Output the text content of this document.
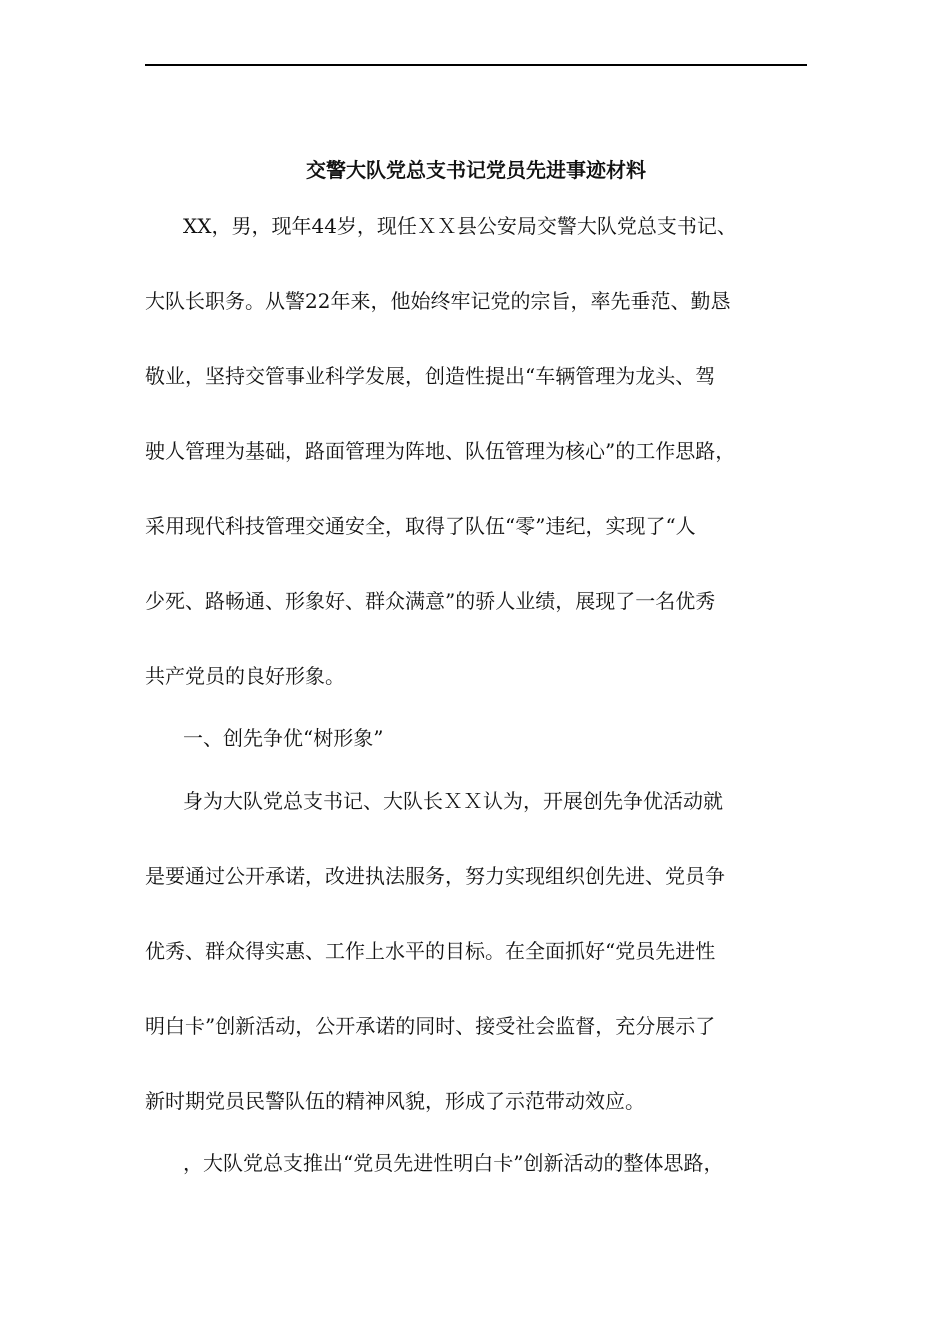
交警大队党总支书记党员先进事迹材料
XX，男，现年44岁，现任ＸＸ县公安局交警大队党总支书记、
大队长职务。从警22年来，他始终牢记党的宗旨，率先垂范、勤恳
敬业，坚持交管事业科学发展，创造性提出“车辆管理为龙头、驾
驶人管理为基础，路面管理为阵地、队伍管理为核心”的工作思路，
采用现代科技管理交通安全，取得了队伍“零”违纪，实现了“人
少死、路畅通、形象好、群众满意”的骄人业绩，展现了一名优秀
共产党员的良好形象。
一、创先争优“树形象”
身为大队党总支书记、大队长ＸＸ认为，开展创先争优活动就
是要通过公开承诺，改进执法服务，努力实现组织创先进、党员争
优秀、群众得实惠、工作上水平的目标。在全面抓好“党员先进性
明白卡”创新活动，公开承诺的同时、接受社会监督，充分展示了
新时期党员民警队伍的精神风貌，形成了示范带动效应。
，大队党总支推出“党员先进性明白卡”创新活动的整体思路，
